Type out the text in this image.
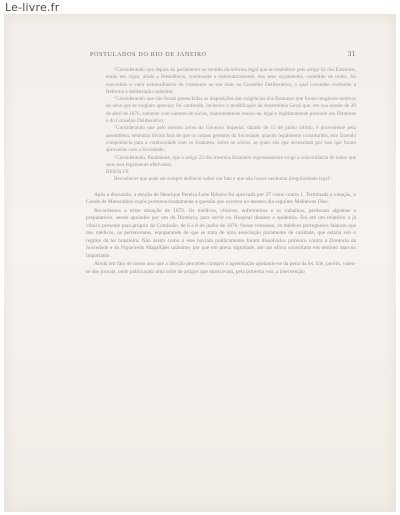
Le-livre.fr
POSTULADOS DO RIO DE JANEIRO	31

"Considerando que depois do parlamento no sentido da reforma legal que se estabelece pelo artigo 62 dos Estatutos, então em vigor, ainda a Presidência, continuada e sistematicamente, dos seus orçamentos, cometido de todos, foi concedido o valor extraordinário do vitamento ao seu mais ao Conselho Deliberativo, o qual concedeu conforme a Reforma e deliberação unânime;

"Considerando que não foram preenchidas as disposições das exigências dos Estatutos que foram inegáveis motivos do seus que se exigiam apreciar, foi conferido, inclusive a modificação da Assembleia Geral que, em sua sessão de 20 de abril de 1876, somente com número de sócios, unanimemente reuniu-se, legal e legitimamente prestado aos Diretores e do Conselho Deliberativo;

"Considerando que pelo mesmo aviso do Governo Imperial, datado de 15 de junho último, é proveniente pela assembleia, nenhuma dívida fora de que os corpos gerentes da Sociedade, quando legalmente constituídos, tem fazendo competência para a continuidade com os Estatutos, sobre os sócios, as quais são que necessitam por isso que foram aprovadas com a Sociedade;

"Considerando, finalmente, que o artigo 23 dos mesmos Estatutos expressamente exige a concordância de todos que seus atos legalmente efetivados,

RESOLVE

Reconhecer que pode ser sempre deliberar sobre um fato e que não houve nenhuma irregularidade legal".

Após a discussão, a moção de Henrique Pereira Leite Ribeiro foi aprovada por 37 votos contra 1. Terminada a votação, o Conde de Matosinhos expôs pormenorizadamente a questão que ocorreu no mesmo dia seguinte Malheiros Dias.

Recordemos a triste situação de 1876. Os médicos, clínicos, enfermeiros e os trabalhos, perderam algumas e preparatório, sendo apoiados por um da Diretoria, para servir no Hospital durante a epidemia. Foi em um relatório a já clínico presente para próprio da Comissão, de 6 e 8 de junho de 1876. Nesse consenso, os médicos portugueses falaram que dos médicos, os pertencentes, equiparando de que se trata de uma associação puramente de caridade, que estaria sob o regime da lei brasileira. Não assim como o eles haviam publicamente foram dissolvidos primeiro contra a Diretoria da Sociedade e do Figueiredo Magalhães unânime, por que em plena dignidade, até um ofício consultado em término marcou importante.

Ainda um fato de nosso ano que a direção percebeu cumprir a agremiação ajudando-se da pena da lei. Ele, porém, valeu-se dos jornais, onde publicaram uma série de artigos que mostravam, pela primeira vez, a intervenção
